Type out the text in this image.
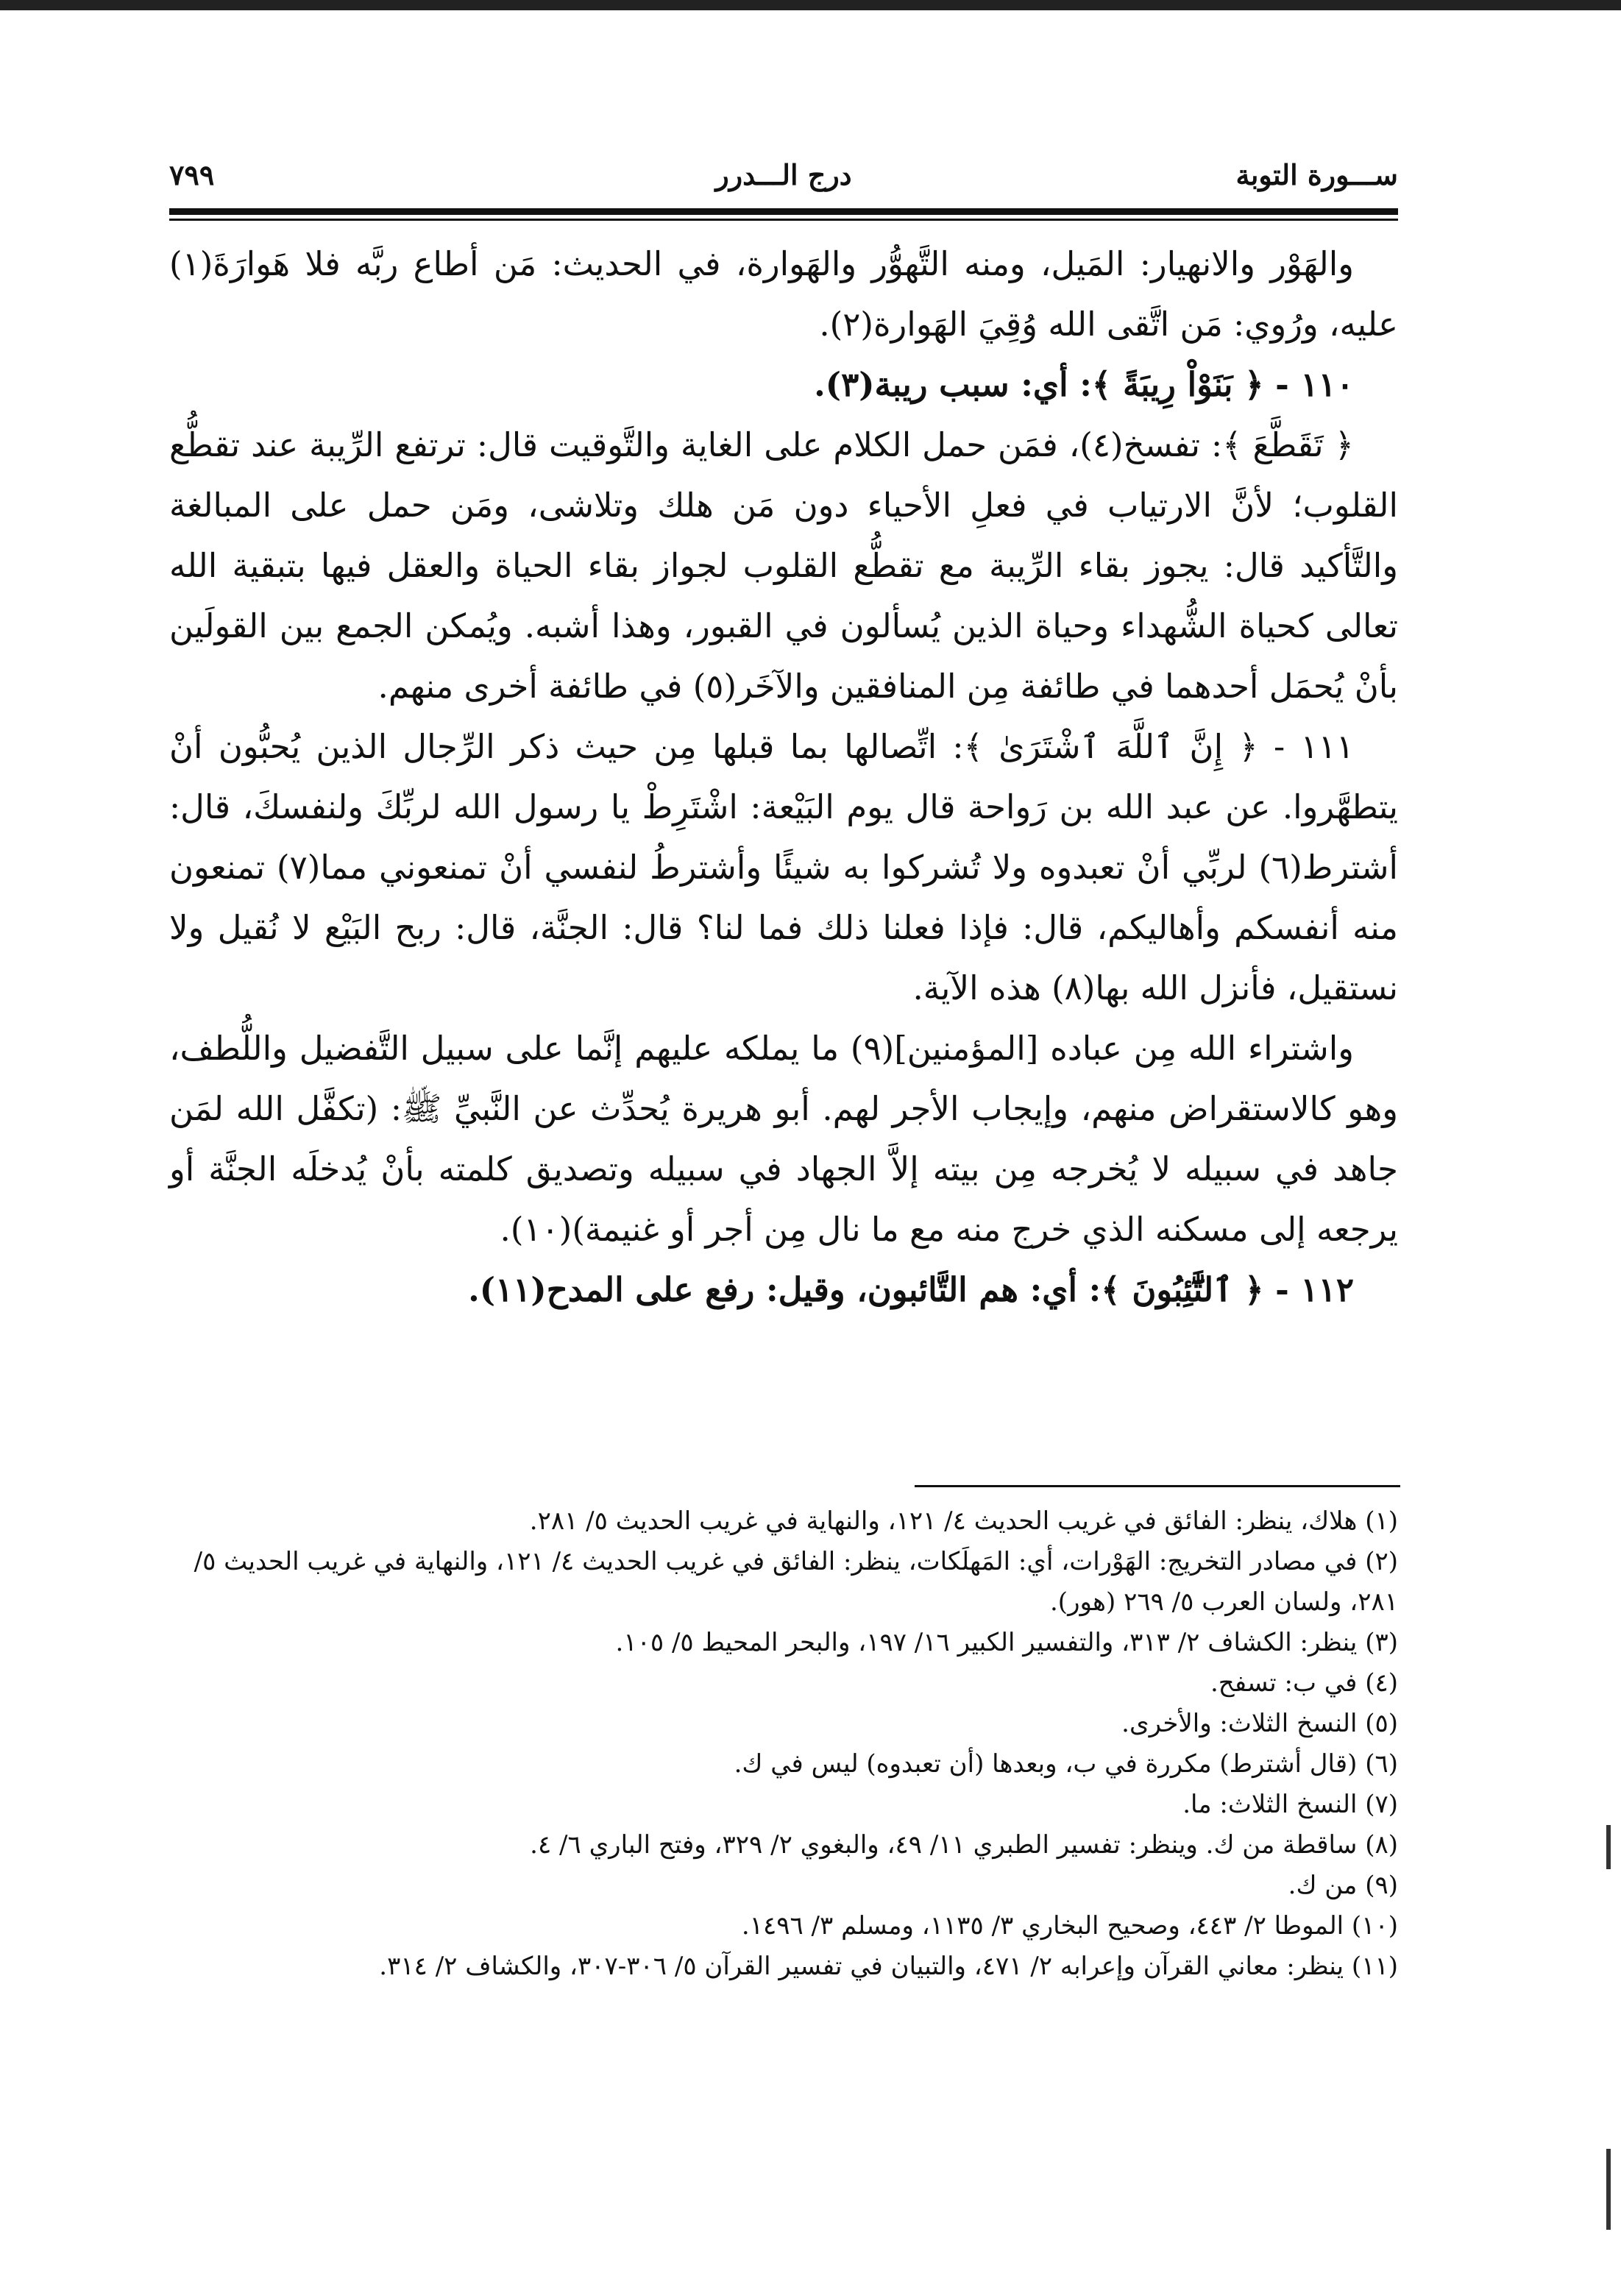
ســـورة التوبة
درج الـــدرر
٧٩٩

والهَوْر والانهيار: المَيل، ومنه التَّهوُّر والهَوارة، في الحديث: مَن أطاع ربَّه فلا هَوارَةَ(١) عليه، ورُوي: مَن اتَّقى الله وُقِيَ الهَوارة(٢).

١١٠ - ﴿ بَنَوْاْ رِيبَةً ﴾: أي: سبب ريبة(٣).

﴿ تَقَطَّعَ ﴾: تفسخ(٤)، فمَن حمل الكلام على الغاية والتَّوقيت قال: ترتفع الرِّيبة عند تقطُّع القلوب؛ لأنَّ الارتياب في فعلِ الأحياء دون مَن هلك وتلاشى، ومَن حمل على المبالغة والتَّأكيد قال: يجوز بقاء الرِّيبة مع تقطُّع القلوب لجواز بقاء الحياة والعقل فيها بتبقية الله تعالى كحياة الشُّهداء وحياة الذين يُسألون في القبور، وهذا أشبه. ويُمكن الجمع بين القولَين بأنْ يُحمَل أحدهما في طائفة مِن المنافقين والآخَر(٥) في طائفة أخرى منهم.

١١١ - ﴿ إِنَّ ٱللَّهَ ٱشْتَرَىٰ ﴾: اتِّصالها بما قبلها مِن حيث ذكر الرِّجال الذين يُحبُّون أنْ يتطهَّروا. عن عبد الله بن رَواحة قال يوم البَيْعة: اشْتَرِطْ يا رسول الله لربِّكَ ولنفسكَ، قال: أشترط(٦) لربِّي أنْ تعبدوه ولا تُشركوا به شيئًا وأشترطُ لنفسي أنْ تمنعوني مما(٧) تمنعون منه أنفسكم وأهاليكم، قال: فإذا فعلنا ذلك فما لنا؟ قال: الجنَّة، قال: ربح البَيْع لا نُقيل ولا نستقيل، فأنزل الله بها(٨) هذه الآية.

واشتراء الله مِن عباده [المؤمنين](٩) ما يملكه عليهم إنَّما على سبيل التَّفضيل واللُّطف، وهو كالاستقراض منهم، وإيجاب الأجر لهم. أبو هريرة يُحدِّث عن النَّبيِّ ﷺ: (تكفَّل الله لمَن جاهد في سبيله لا يُخرجه مِن بيته إلاَّ الجهاد في سبيله وتصديق كلمته بأنْ يُدخلَه الجنَّة أو يرجعه إلى مسكنه الذي خرج منه مع ما نال مِن أجر أو غنيمة)(١٠).

١١٢ - ﴿ ٱلتَّٰٓئِبُونَ ﴾: أي: هم التَّائبون، وقيل: رفع على المدح(١١).

(١) هلاك، ينظر: الفائق في غريب الحديث ٤/ ١٢١، والنهاية في غريب الحديث ٥/ ٢٨١.
(٢) في مصادر التخريج: الهَوْرات، أي: المَهلَكات، ينظر: الفائق في غريب الحديث ٤/ ١٢١، والنهاية في غريب الحديث ٥/ ٢٨١، ولسان العرب ٥/ ٢٦٩ (هور).
(٣) ينظر: الكشاف ٢/ ٣١٣، والتفسير الكبير ١٦/ ١٩٧، والبحر المحيط ٥/ ١٠٥.
(٤) في ب: تسفح.
(٥) النسخ الثلاث: والأخرى.
(٦) (قال أشترط) مكررة في ب، وبعدها (أن تعبدوه) ليس في ك.
(٧) النسخ الثلاث: ما.
(٨) ساقطة من ك. وينظر: تفسير الطبري ١١/ ٤٩، والبغوي ٢/ ٣٢٩، وفتح الباري ٦/ ٤.
(٩) من ك.
(١٠) الموطا ٢/ ٤٤٣، وصحيح البخاري ٣/ ١١٣٥، ومسلم ٣/ ١٤٩٦.
(١١) ينظر: معاني القرآن وإعرابه ٢/ ٤٧١، والتبيان في تفسير القرآن ٥/ ٣٠٦-٣٠٧، والكشاف ٢/ ٣١٤.
